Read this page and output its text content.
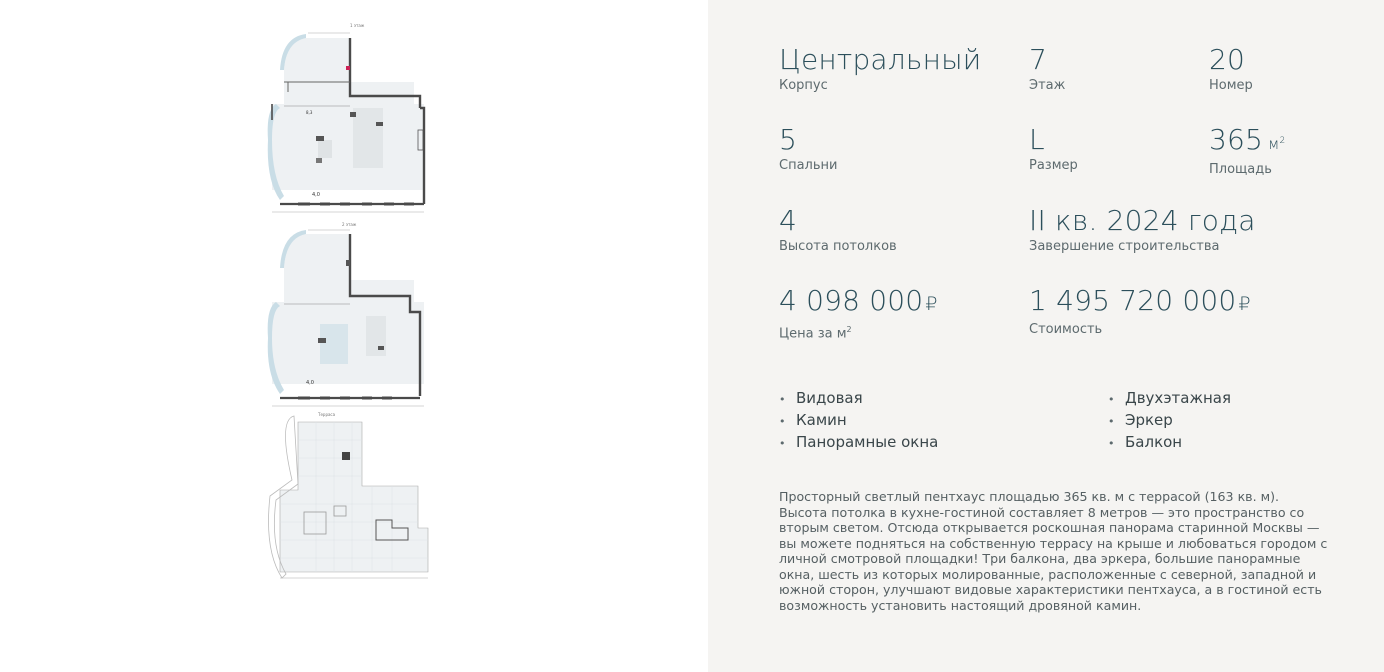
1 этаж
8,3
4,0
2 этаж
4,0
Терраса
Центральный
Корпус
7
Этаж
20
Номер
5
Спальни
L
Размер
365 $м^2$
Площадь
4
Высота потолков
II кв. 2024 года
Завершение строительства
4 098 000 ₽
Цена за $м^2$
1 495 720 000 ₽
Стоимость
• Видовая
• Камин
• Панорамные окна
• Двухэтажная
• Эркер
• Балкон
Просторный светлый пентхаус площадью 365 кв. м с террасой (163 кв. м). Высота потолка в кухне-гостиной составляет 8 метров — это пространство со вторым светом. Отсюда открывается роскошная панорама старинной Москвы — вы можете подняться на собственную террасу на крыше и любоваться городом с личной смотровой площадки! Три балкона, два эркера, большие панорамные окна, шесть из которых молированные, расположенные с северной, западной и южной сторон, улучшают видовые характеристики пентхауса, а в гостиной есть возможность установить настоящий дровяной камин.
